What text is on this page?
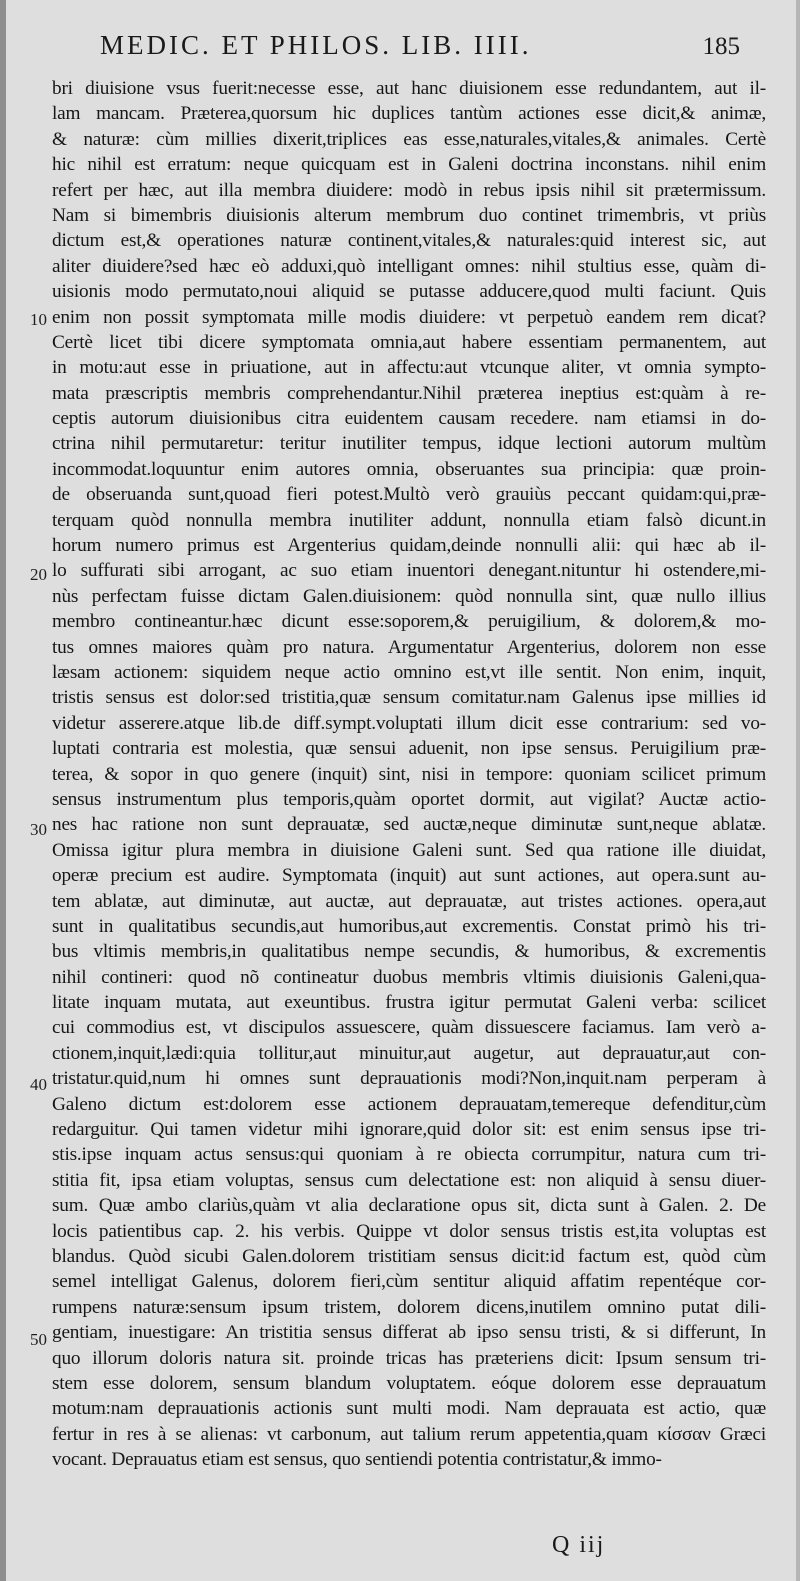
MEDIC. ET PHILOS. LIB. IIII.	185
10
20
30
40
50
bri diuisione vsus fuerit:necesse esse, aut hanc diuisionem esse redundantem, aut il-
lam mancam. Præterea,quorsum hic duplices tantùm actiones esse dicit,& animæ,
& naturæ: cùm millies dixerit,triplices eas esse,naturales,vitales,& animales. Certè
hic nihil est erratum: neque quicquam est in Galeni doctrina inconstans. nihil enim
refert per hæc, aut illa membra diuidere: modò in rebus ipsis nihil sit prætermissum.
Nam si bimembris diuisionis alterum membrum duo continet trimembris, vt priùs
dictum est,& operationes naturæ continent,vitales,& naturales:quid interest sic, aut
aliter diuidere?sed hæc eò adduxi,quò intelligant omnes: nihil stultius esse, quàm di-
uisionis modo permutato,noui aliquid se putasse adducere,quod multi faciunt. Quis
enim non possit symptomata mille modis diuidere: vt perpetuò eandem rem dicat?
Certè licet tibi dicere symptomata omnia,aut habere essentiam permanentem, aut
in motu:aut esse in priuatione, aut in affectu:aut vtcunque aliter, vt omnia sympto-
mata præscriptis membris comprehendantur.Nihil præterea ineptius est:quàm à re-
ceptis autorum diuisionibus citra euidentem causam recedere. nam etiamsi in do-
ctrina nihil permutaretur: teritur inutiliter tempus, idque lectioni autorum multùm
incommodat.loquuntur enim autores omnia, obseruantes sua principia: quæ proin-
de obseruanda sunt,quoad fieri potest.Multò verò grauiùs peccant quidam:qui,præ-
terquam quòd nonnulla membra inutiliter addunt, nonnulla etiam falsò dicunt.in
horum numero primus est Argenterius quidam,deinde nonnulli alii: qui hæc ab il-
lo suffurati sibi arrogant, ac suo etiam inuentori denegant.nituntur hi ostendere,mi-
nùs perfectam fuisse dictam Galen.diuisionem: quòd nonnulla sint, quæ nullo illius
membro contineantur.hæc dicunt esse:soporem,& peruigilium, & dolorem,& mo-
tus omnes maiores quàm pro natura. Argumentatur Argenterius, dolorem non esse
læsam actionem: siquidem neque actio omnino est,vt ille sentit. Non enim, inquit,
tristis sensus est dolor:sed tristitia,quæ sensum comitatur.nam Galenus ipse millies id
videtur asserere.atque lib.de diff.sympt.voluptati illum dicit esse contrarium: sed vo-
luptati contraria est molestia, quæ sensui aduenit, non ipse sensus. Peruigilium præ-
terea, & sopor in quo genere (inquit) sint, nisi in tempore: quoniam scilicet primum
sensus instrumentum plus temporis,quàm oportet dormit, aut vigilat? Auctæ actio-
nes hac ratione non sunt deprauatæ, sed auctæ,neque diminutæ sunt,neque ablatæ.
Omissa igitur plura membra in diuisione Galeni sunt. Sed qua ratione ille diuidat,
operæ precium est audire. Symptomata (inquit) aut sunt actiones, aut opera.sunt au-
tem ablatæ, aut diminutæ, aut auctæ, aut deprauatæ, aut tristes actiones. opera,aut
sunt in qualitatibus secundis,aut humoribus,aut excrementis. Constat primò his tri-
bus vltimis membris,in qualitatibus nempe secundis, & humoribus, & excrementis
nihil contineri: quod nõ contineatur duobus membris vltimis diuisionis Galeni,qua-
litate inquam mutata, aut exeuntibus. frustra igitur permutat Galeni verba: scilicet
cui commodius est, vt discipulos assuescere, quàm dissuescere faciamus. Iam verò a-
ctionem,inquit,lædi:quia tollitur,aut minuitur,aut augetur, aut deprauatur,aut con-
tristatur.quid,num hi omnes sunt deprauationis modi?Non,inquit.nam perperam à
Galeno dictum est:dolorem esse actionem deprauatam,temereque defenditur,cùm
redarguitur. Qui tamen videtur mihi ignorare,quid dolor sit: est enim sensus ipse tri-
stis.ipse inquam actus sensus:qui quoniam à re obiecta corrumpitur, natura cum tri-
stitia fit, ipsa etiam voluptas, sensus cum delectatione est: non aliquid à sensu diuer-
sum. Quæ ambo clariùs,quàm vt alia declaratione opus sit, dicta sunt à Galen. 2. De
locis patientibus cap. 2. his verbis. Quippe vt dolor sensus tristis est,ita voluptas est
blandus. Quòd sicubi Galen.dolorem tristitiam sensus dicit:id factum est, quòd cùm
semel intelligat Galenus, dolorem fieri,cùm sentitur aliquid affatim repentéque cor-
rumpens naturæ:sensum ipsum tristem, dolorem dicens,inutilem omnino putat dili-
gentiam, inuestigare: An tristitia sensus differat ab ipso sensu tristi, & si differunt, In
quo illorum doloris natura sit. proinde tricas has præteriens dicit: Ipsum sensum tri-
stem esse dolorem, sensum blandum voluptatem. eóque dolorem esse deprauatum
motum:nam deprauationis actionis sunt multi modi. Nam deprauata est actio, quæ
fertur in res à se alienas: vt carbonum, aut talium rerum appetentia,quam κίσσαν Græci
vocant. Deprauatus etiam est sensus, quo sentiendi potentia contristatur,& immo-
Q iij
